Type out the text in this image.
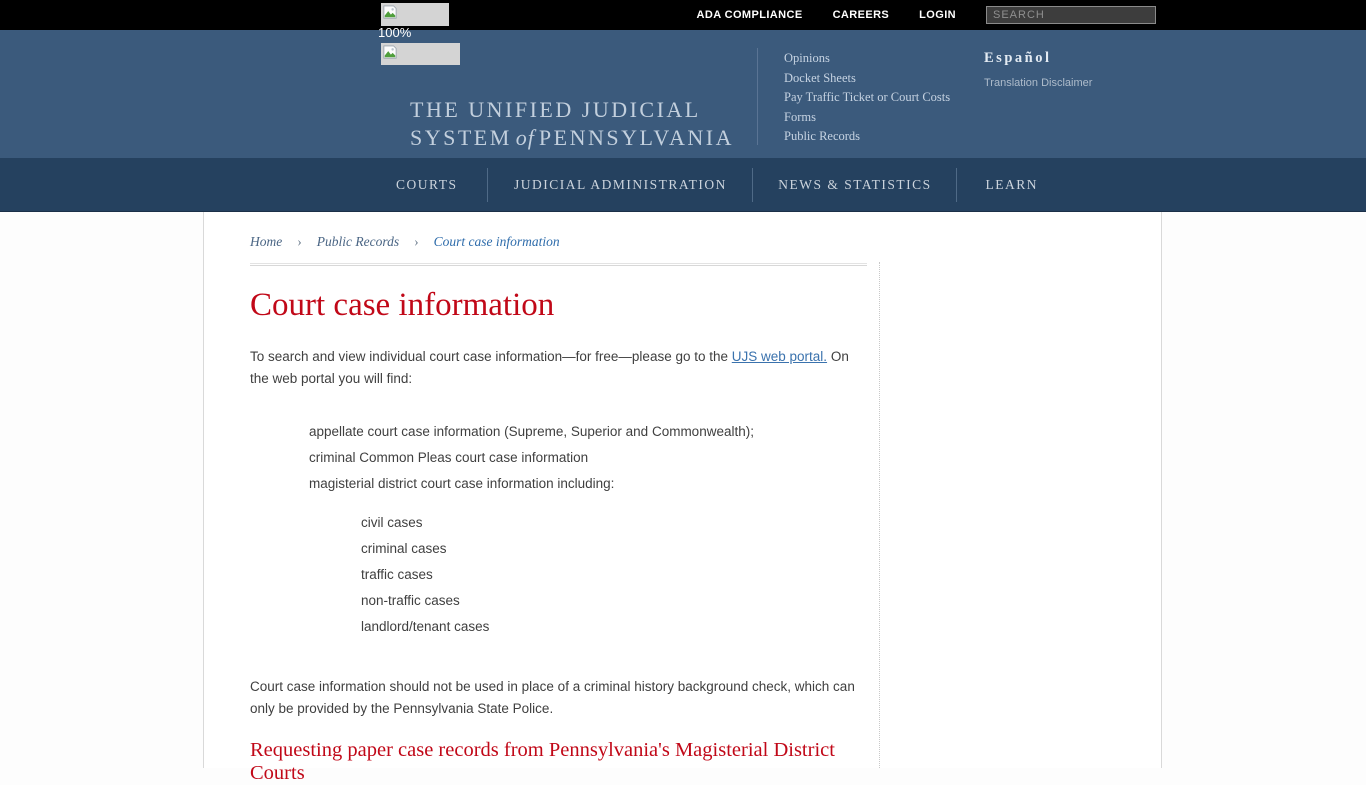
ADA COMPLIANCE	CAREERS	LOGIN
SEARCH
100%
THE UNIFIED JUDICIAL
SYSTEM of PENNSYLVANIA
Opinions
Docket Sheets
Pay Traffic Ticket or Court Costs
Forms
Public Records
Español
Translation Disclaimer
COURTS	JUDICIAL ADMINISTRATION	NEWS & STATISTICS	LEARN
Home › Public Records › Court case information
Court case information

To search and view individual court case information—for free—please go to the UJS web portal. On the web portal you will find:

appellate court case information (Supreme, Superior and Commonwealth);
criminal Common Pleas court case information
magisterial district court case information including:
civil cases
criminal cases
traffic cases
non-traffic cases
landlord/tenant cases

Court case information should not be used in place of a criminal history background check, which can only be provided by the Pennsylvania State Police.

Requesting paper case records from Pennsylvania's Magisterial District Courts
